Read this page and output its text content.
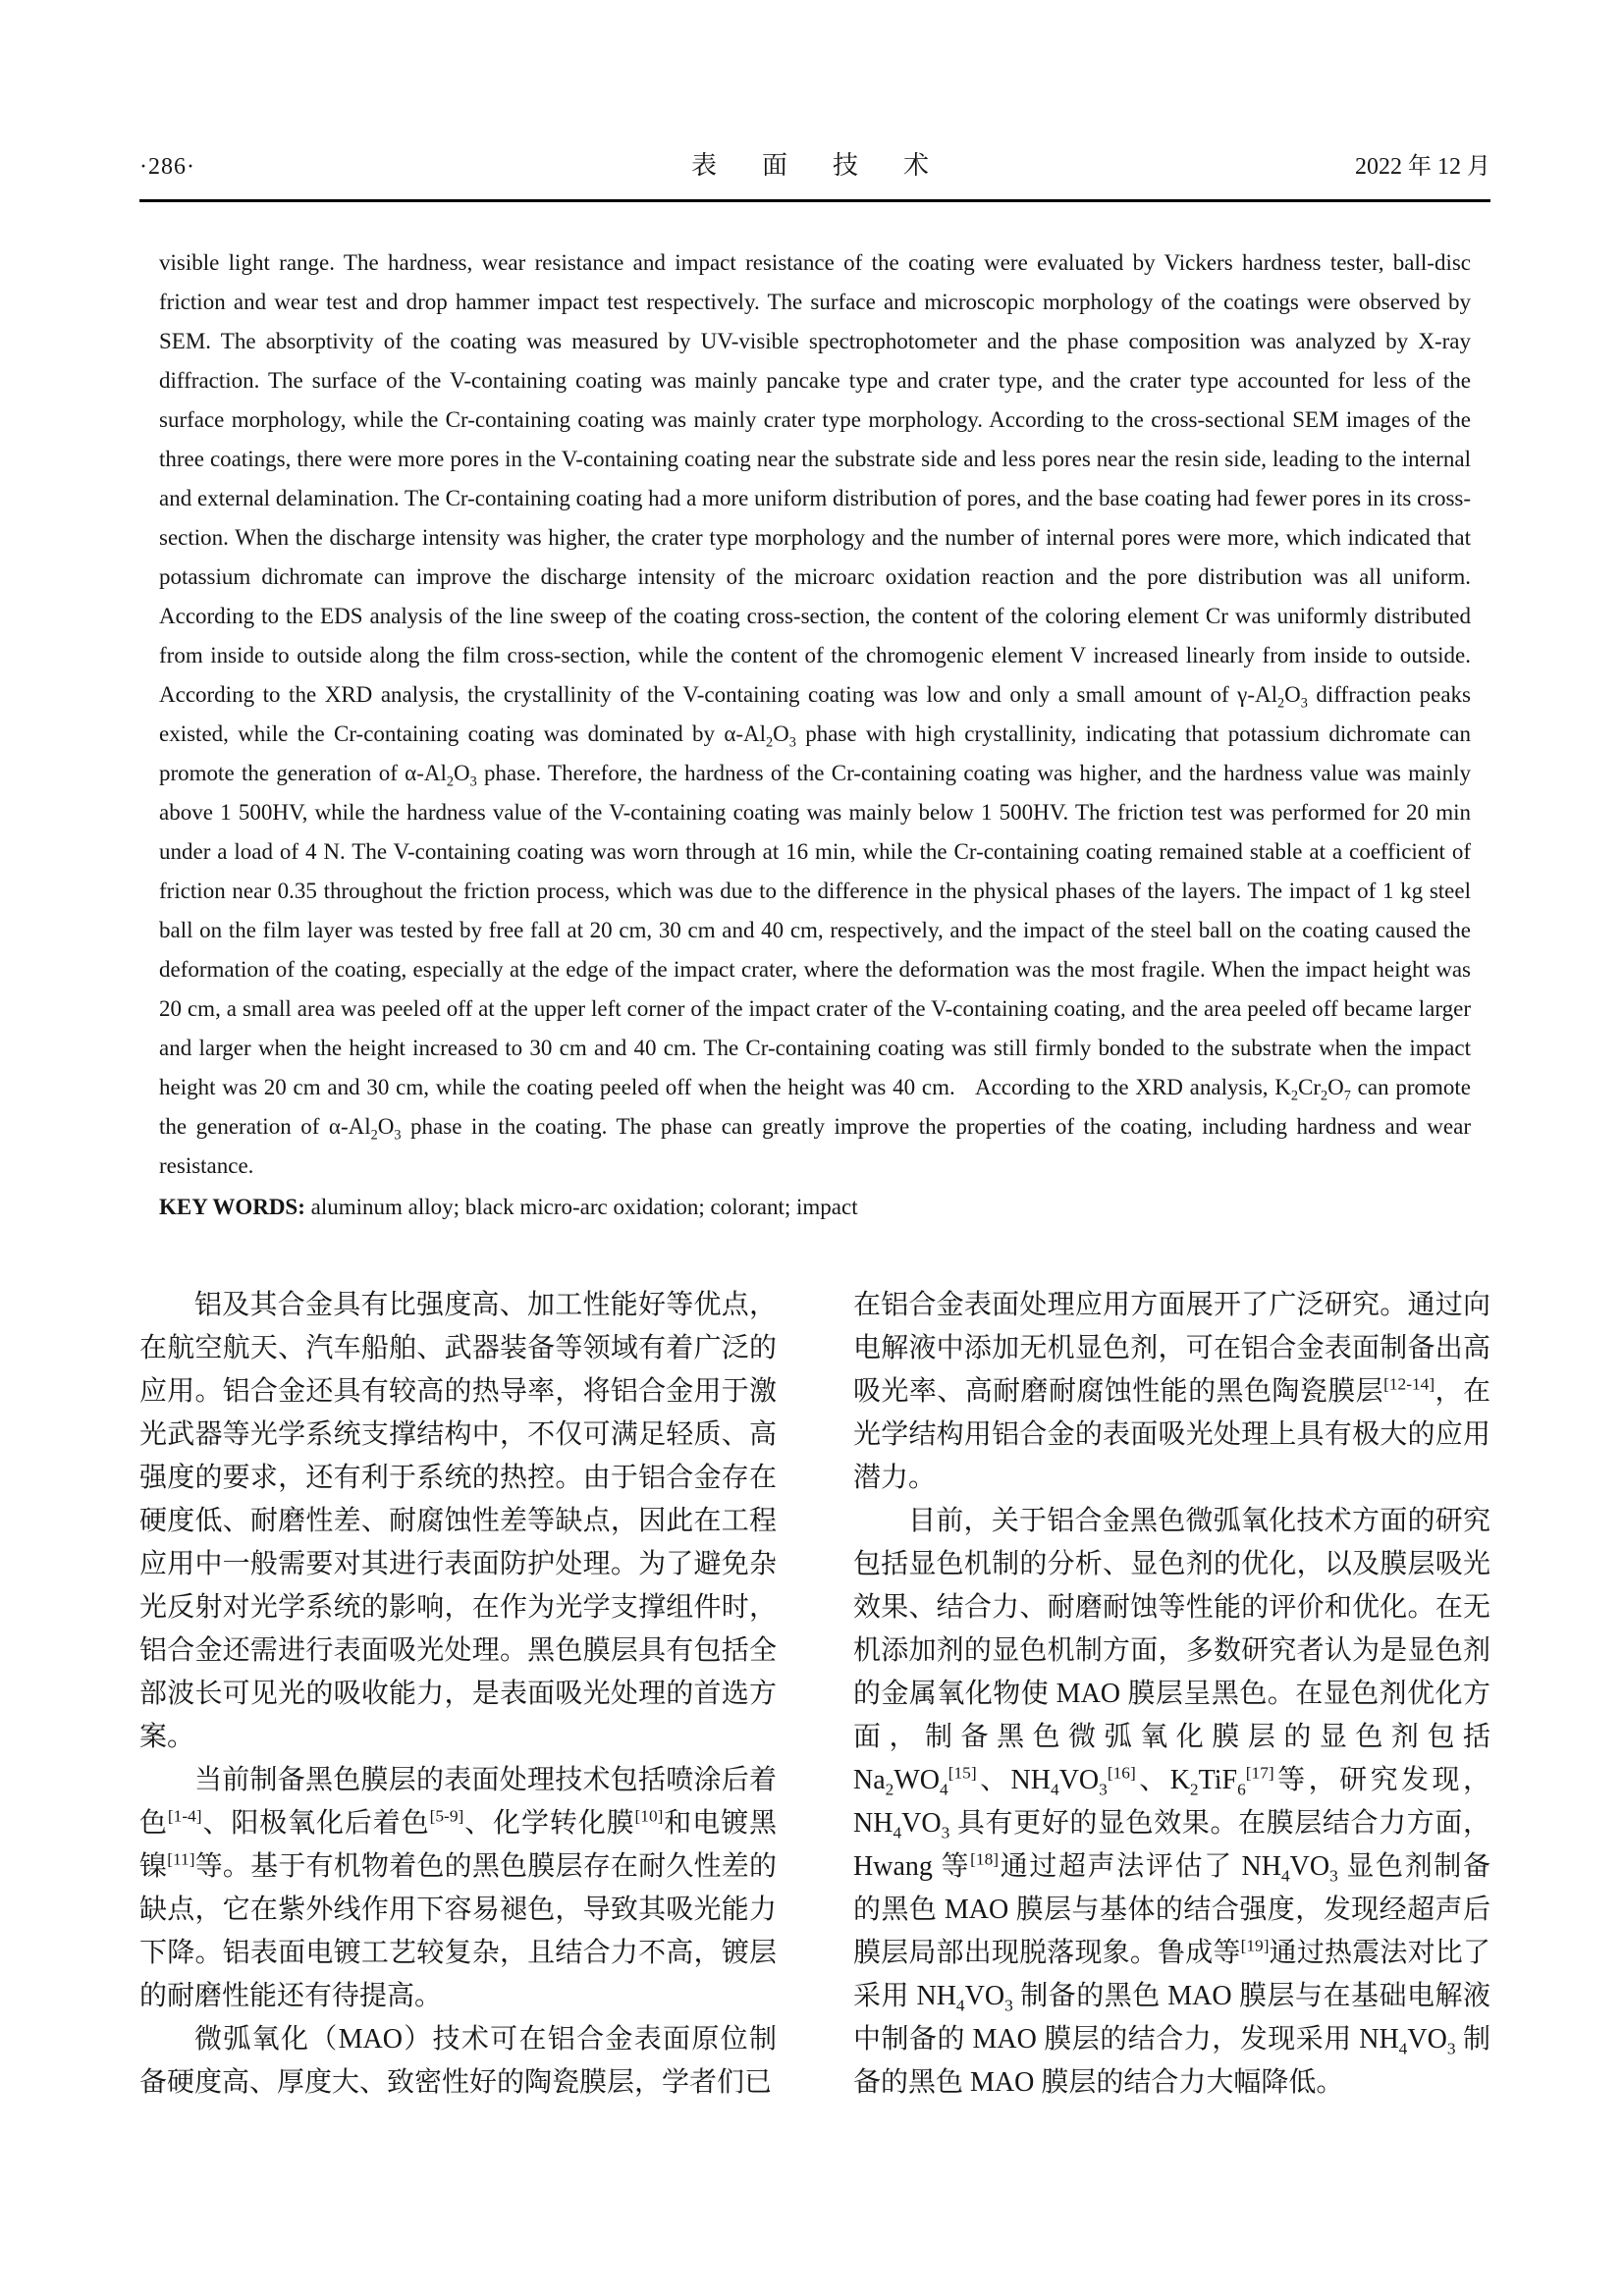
·286·	表　面　技　术	2022 年 12 月

visible light range. The hardness, wear resistance and impact resistance of the coating were evaluated by Vickers hardness tester, ball-disc friction and wear test and drop hammer impact test respectively. The surface and microscopic morphology of the coatings were observed by SEM. The absorptivity of the coating was measured by UV-visible spectrophotometer and the phase composition was analyzed by X-ray diffraction. The surface of the V-containing coating was mainly pancake type and crater type, and the crater type accounted for less of the surface morphology, while the Cr-containing coating was mainly crater type morphology. According to the cross-sectional SEM images of the three coatings, there were more pores in the V-containing coating near the substrate side and less pores near the resin side, leading to the internal and external delamination. The Cr-containing coating had a more uniform distribution of pores, and the base coating had fewer pores in its cross-section. When the discharge intensity was higher, the crater type morphology and the number of internal pores were more, which indicated that potassium dichromate can improve the discharge intensity of the microarc oxidation reaction and the pore distribution was all uniform. According to the EDS analysis of the line sweep of the coating cross-section, the content of the coloring element Cr was uniformly distributed from inside to outside along the film cross-section, while the content of the chromogenic element V increased linearly from inside to outside. According to the XRD analysis, the crystallinity of the V-containing coating was low and only a small amount of $\gamma-Al_2O_3$ diffraction peaks existed, while the Cr-containing coating was dominated by $\alpha-Al_2O_3$ phase with high crystallinity, indicating that potassium dichromate can promote the generation of $\alpha-Al_2O_3$ phase. Therefore, the hardness of the Cr-containing coating was higher, and the hardness value was mainly above 1 500HV, while the hardness value of the V-containing coating was mainly below 1 500HV. The friction test was performed for 20 min under a load of 4 N. The V-containing coating was worn through at 16 min, while the Cr-containing coating remained stable at a coefficient of friction near 0.35 throughout the friction process, which was due to the difference in the physical phases of the layers. The impact of 1 kg steel ball on the film layer was tested by free fall at 20 cm, 30 cm and 40 cm, respectively, and the impact of the steel ball on the coating caused the deformation of the coating, especially at the edge of the impact crater, where the deformation was the most fragile. When the impact height was 20 cm, a small area was peeled off at the upper left corner of the impact crater of the V-containing coating, and the area peeled off became larger and larger when the height increased to 30 cm and 40 cm. The Cr-containing coating was still firmly bonded to the substrate when the impact height was 20 cm and 30 cm, while the coating peeled off when the height was 40 cm.   According to the XRD analysis, $K_2Cr_2O_7$ can promote the generation of $\alpha-Al_2O_3$ phase in the coating. The phase can greatly improve the properties of the coating, including hardness and wear resistance.

KEY WORDS: aluminum alloy; black micro-arc oxidation; colorant; impact

铝及其合金具有比强度高、加工性能好等优点，在航空航天、汽车船舶、武器装备等领域有着广泛的应用。铝合金还具有较高的热导率，将铝合金用于激光武器等光学系统支撑结构中，不仅可满足轻质、高强度的要求，还有利于系统的热控。由于铝合金存在硬度低、耐磨性差、耐腐蚀性差等缺点，因此在工程应用中一般需要对其进行表面防护处理。为了避免杂光反射对光学系统的影响，在作为光学支撑组件时，铝合金还需进行表面吸光处理。黑色膜层具有包括全部波长可见光的吸收能力，是表面吸光处理的首选方案。

当前制备黑色膜层的表面处理技术包括喷涂后着色[1-4]、阳极氧化后着色[5-9]、化学转化膜[10]和电镀黑镍[11]等。基于有机物着色的黑色膜层存在耐久性差的缺点，它在紫外线作用下容易褪色，导致其吸光能力下降。铝表面电镀工艺较复杂，且结合力不高，镀层的耐磨性能还有待提高。

微弧氧化（MAO）技术可在铝合金表面原位制备硬度高、厚度大、致密性好的陶瓷膜层，学者们已

在铝合金表面处理应用方面展开了广泛研究。通过向电解液中添加无机显色剂，可在铝合金表面制备出高吸光率、高耐磨耐腐蚀性能的黑色陶瓷膜层[12-14]，在光学结构用铝合金的表面吸光处理上具有极大的应用潜力。

目前，关于铝合金黑色微弧氧化技术方面的研究包括显色机制的分析、显色剂的优化，以及膜层吸光效果、结合力、耐磨耐蚀等性能的评价和优化。在无机添加剂的显色机制方面，多数研究者认为是显色剂的金属氧化物使 MAO 膜层呈黑色。在显色剂优化方面，制备黑色微弧氧化膜层的显色剂包括 $Na_2WO_4[15]$、$NH_4VO_3[16]$、$K_2TiF_6[17]$等，研究发现，$NH_4VO_3$ 具有更好的显色效果。在膜层结合力方面，Hwang 等[18]通过超声法评估了 $NH_4VO_3$ 显色剂制备的黑色 MAO 膜层与基体的结合强度，发现经超声后膜层局部出现脱落现象。鲁成等[19]通过热震法对比了采用 $NH_4VO_3$ 制备的黑色 MAO 膜层与在基础电解液中制备的 MAO 膜层的结合力，发现采用 $NH_4VO_3$ 制备的黑色 MAO 膜层的结合力大幅降低。
